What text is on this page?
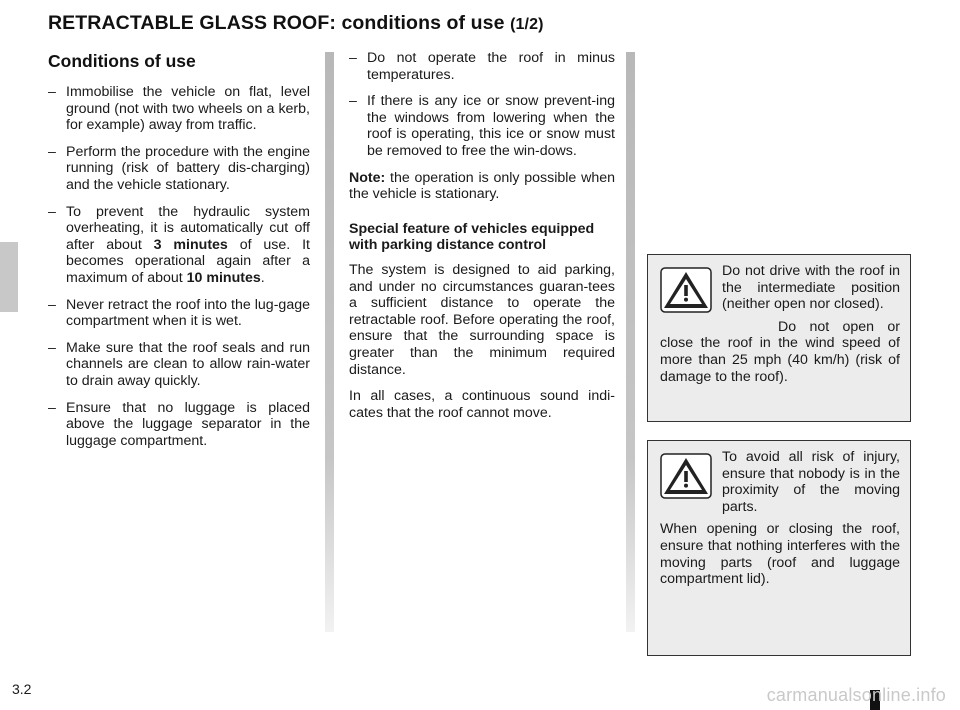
RETRACTABLE GLASS ROOF: conditions of use (1/2)
Conditions of use
– Immobilise the vehicle on flat, level ground (not with two wheels on a kerb, for example) away from traffic.
– Perform the procedure with the engine running (risk of battery dis-charging) and the vehicle stationary.
– To prevent the hydraulic system overheating, it is automatically cut off after about 3 minutes of use. It becomes operational again after a maximum of about 10 minutes.
– Never retract the roof into the lug-gage compartment when it is wet.
– Make sure that the roof seals and run channels are clean to allow rain-water to drain away quickly.
– Ensure that no luggage is placed above the luggage separator in the luggage compartment.
– Do not operate the roof in minus temperatures.
– If there is any ice or snow prevent-ing the windows from lowering when the roof is operating, this ice or snow must be removed to free the win-dows.

Note: the operation is only possible when the vehicle is stationary.

Special feature of vehicles equipped with parking distance control

The system is designed to aid parking, and under no circumstances guaran-tees a sufficient distance to operate the retractable roof. Before operating the roof, ensure that the surrounding space is greater than the minimum required distance.

In all cases, a continuous sound indi-cates that the roof cannot move.

Do not drive with the roof in the intermediate position (neither open nor closed).

Do not open or close the roof in the wind speed of more than 25 mph (40 km/h) (risk of damage to the roof).

To avoid all risk of injury, ensure that nobody is in the proximity of the moving parts.

When opening or closing the roof, ensure that nothing interferes with the moving parts (roof and luggage compartment lid).

3.2	carmanualsonline.info
